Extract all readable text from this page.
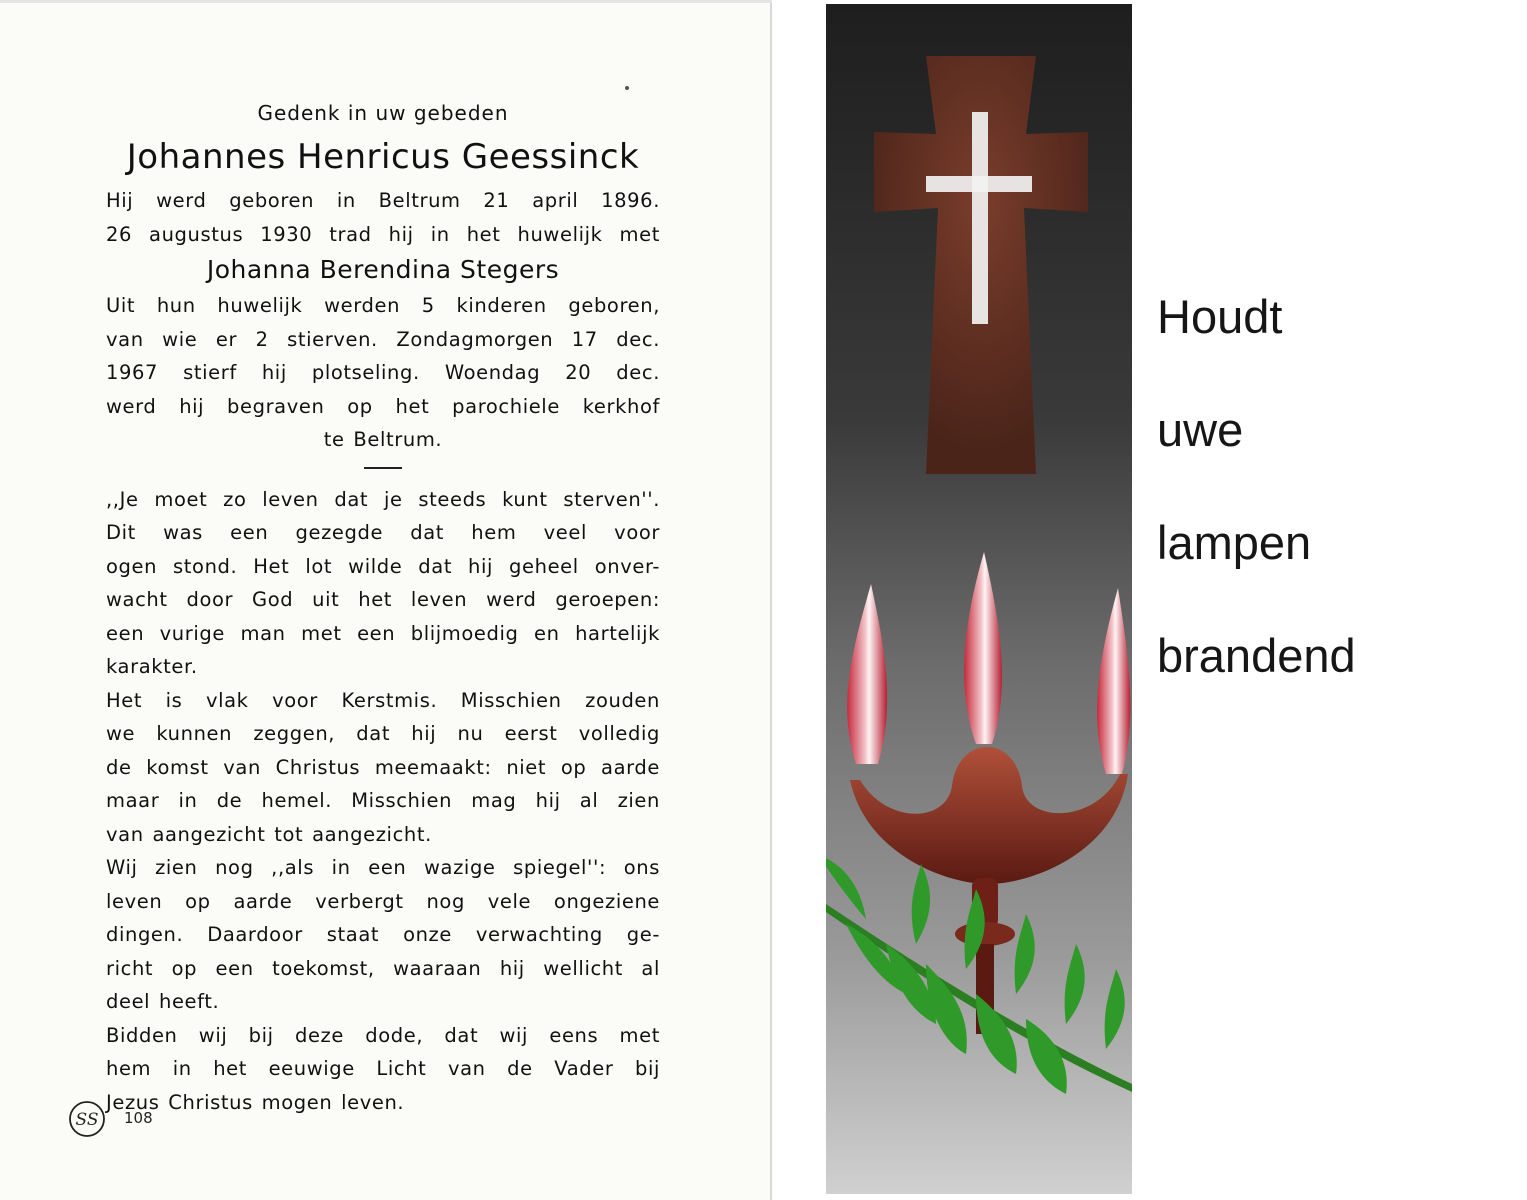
Gedenk in uw gebeden

Johannes Henricus Geessinck

Hij werd geboren in Beltrum 21 april 1896.

26 augustus 1930 trad hij in het huwelijk met

Johanna Berendina Stegers

Uit hun huwelijk werden 5 kinderen geboren,

van wie er 2 stierven. Zondagmorgen 17 dec.

1967 stierf hij plotseling. Woendag 20 dec.

werd hij begraven op het parochiele kerkhof

te Beltrum.

,,Je moet zo leven dat je steeds kunt sterven''.

Dit was een gezegde dat hem veel voor

ogen stond. Het lot wilde dat hij geheel onver-

wacht door God uit het leven werd geroepen:

een vurige man met een blijmoedig en hartelijk

karakter.

Het is vlak voor Kerstmis. Misschien zouden

we kunnen zeggen, dat hij nu eerst volledig

de komst van Christus meemaakt: niet op aarde

maar in de hemel. Misschien mag hij al zien

van aangezicht tot aangezicht.

Wij zien nog ,,als in een wazige spiegel'': ons

leven op aarde verbergt nog vele ongeziene

dingen. Daardoor staat onze verwachting ge-

richt op een toekomst, waaraan hij wellicht al

deel heeft.

Bidden wij bij deze dode, dat wij eens met

hem in het eeuwige Licht van de Vader bij

Jezus Christus mogen leven.

SS 108
Houdt
uwe
lampen
brandend
